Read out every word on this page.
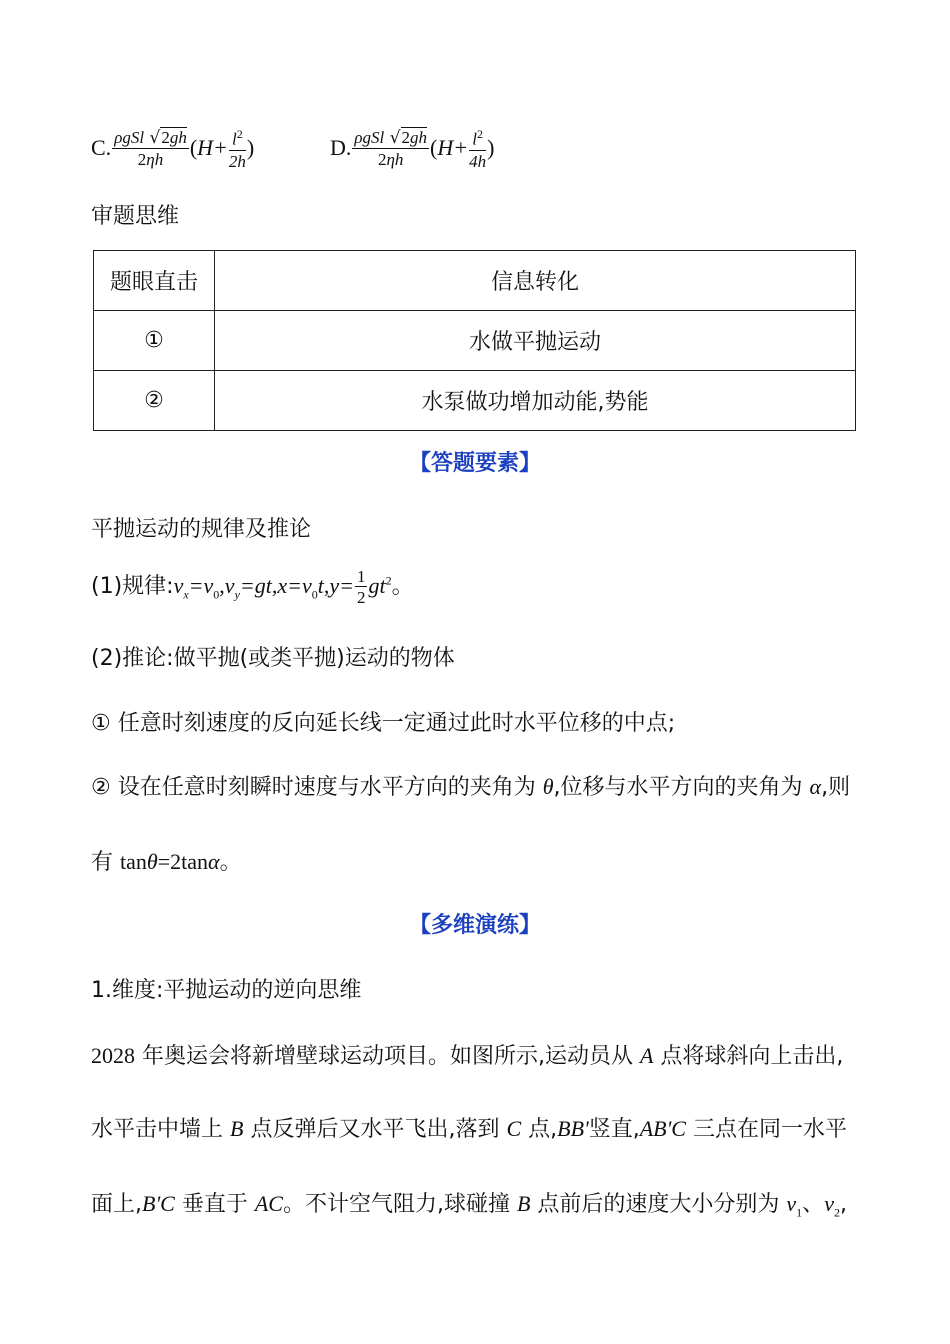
C. $\frac{\text{ρgSl √2gh}}{2\eta h} (H+ \frac{l^2}{2h}$ )	D. $\frac{\text{ρgSl √2gh}}{2\eta h} (H+ \frac{l^2}{4h}$ )
审题思维
题眼直击	信息转化
①	水做平抛运动
②	水泵做功增加动能,势能
【答题要素】
平抛运动的规律及推论
(1)规律$:v_x=v_0,v_y=gt,x=v_0t,y= \frac{1}{2} gt^2$。
(2)推论:做平抛(或类平抛)运动的物体
① 任意时刻速度的反向延长线一定通过此时水平位移的中点;
② 设在任意时刻瞬时速度与水平方向的夹角为 θ,位移与水平方向的夹角为 α,则
有 tanθ=2tanα。
【多维演练】
1.维度:平抛运动的逆向思维
2028 年奥运会将新增壁球运动项目。如图所示,运动员从 A 点将球斜向上击出,
水平击中墙上 B 点反弹后又水平飞出,落到 C 点,BB'竖直,AB'C 三点在同一水平
面上,B'C 垂直于 AC。不计空气阻力,球碰撞 B 点前后的速度大小分别为 $v_1$、$v_2$,
